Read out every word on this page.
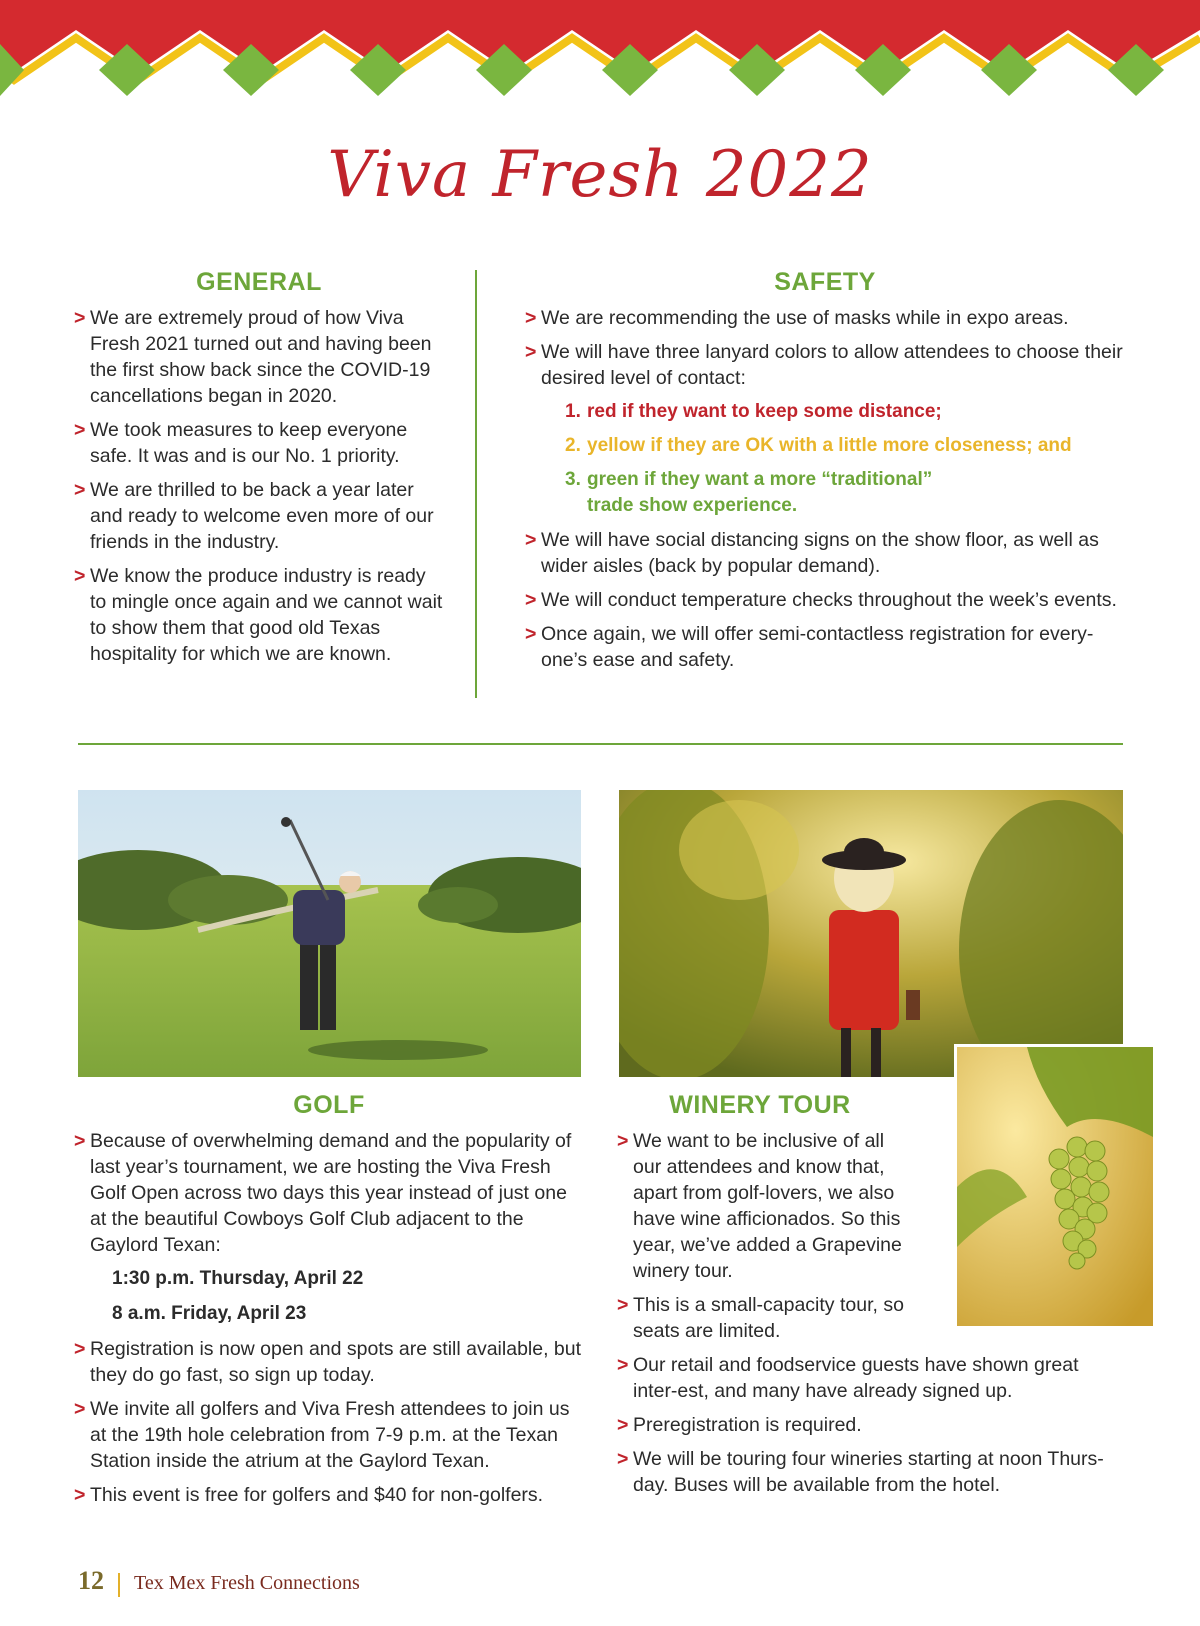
Viva Fresh 2022
GENERAL
> We are extremely proud of how Viva Fresh 2021 turned out and having been the first show back since the COVID-19 cancellations began in 2020.
> We took measures to keep everyone safe. It was and is our No. 1 priority.
> We are thrilled to be back a year later and ready to welcome even more of our friends in the industry.
> We know the produce industry is ready to mingle once again and we cannot wait to show them that good old Texas hospitality for which we are known.
SAFETY
> We are recommending the use of masks while in expo areas.
> We will have three lanyard colors to allow attendees to choose their desired level of contact:
1. red if they want to keep some distance;
2. yellow if they are OK with a little more closeness; and
3. green if they want a more “traditional” trade show experience.
> We will have social distancing signs on the show floor, as well as wider aisles (back by popular demand).
> We will conduct temperature checks throughout the week’s events.
> Once again, we will offer semi-contactless registration for every-one’s ease and safety.
GOLF
> Because of overwhelming demand and the popularity of last year’s tournament, we are hosting the Viva Fresh Golf Open across two days this year instead of just one at the beautiful Cowboys Golf Club adjacent to the Gaylord Texan:
1:30 p.m. Thursday, April 22
8 a.m. Friday, April 23
> Registration is now open and spots are still available, but they do go fast, so sign up today.
> We invite all golfers and Viva Fresh attendees to join us at the 19th hole celebration from 7-9 p.m. at the Texan Station inside the atrium at the Gaylord Texan.
> This event is free for golfers and $40 for non-golfers.
WINERY TOUR
> We want to be inclusive of all our attendees and know that, apart from golf-lovers, we also have wine afficionados. So this year, we’ve added a Grapevine winery tour.
> This is a small-capacity tour, so seats are limited.
> Our retail and foodservice guests have shown great inter-est, and many have already signed up.
> Preregistration is required.
> We will be touring four wineries starting at noon Thurs-day. Buses will be available from the hotel.
12 Tex Mex Fresh Connections
